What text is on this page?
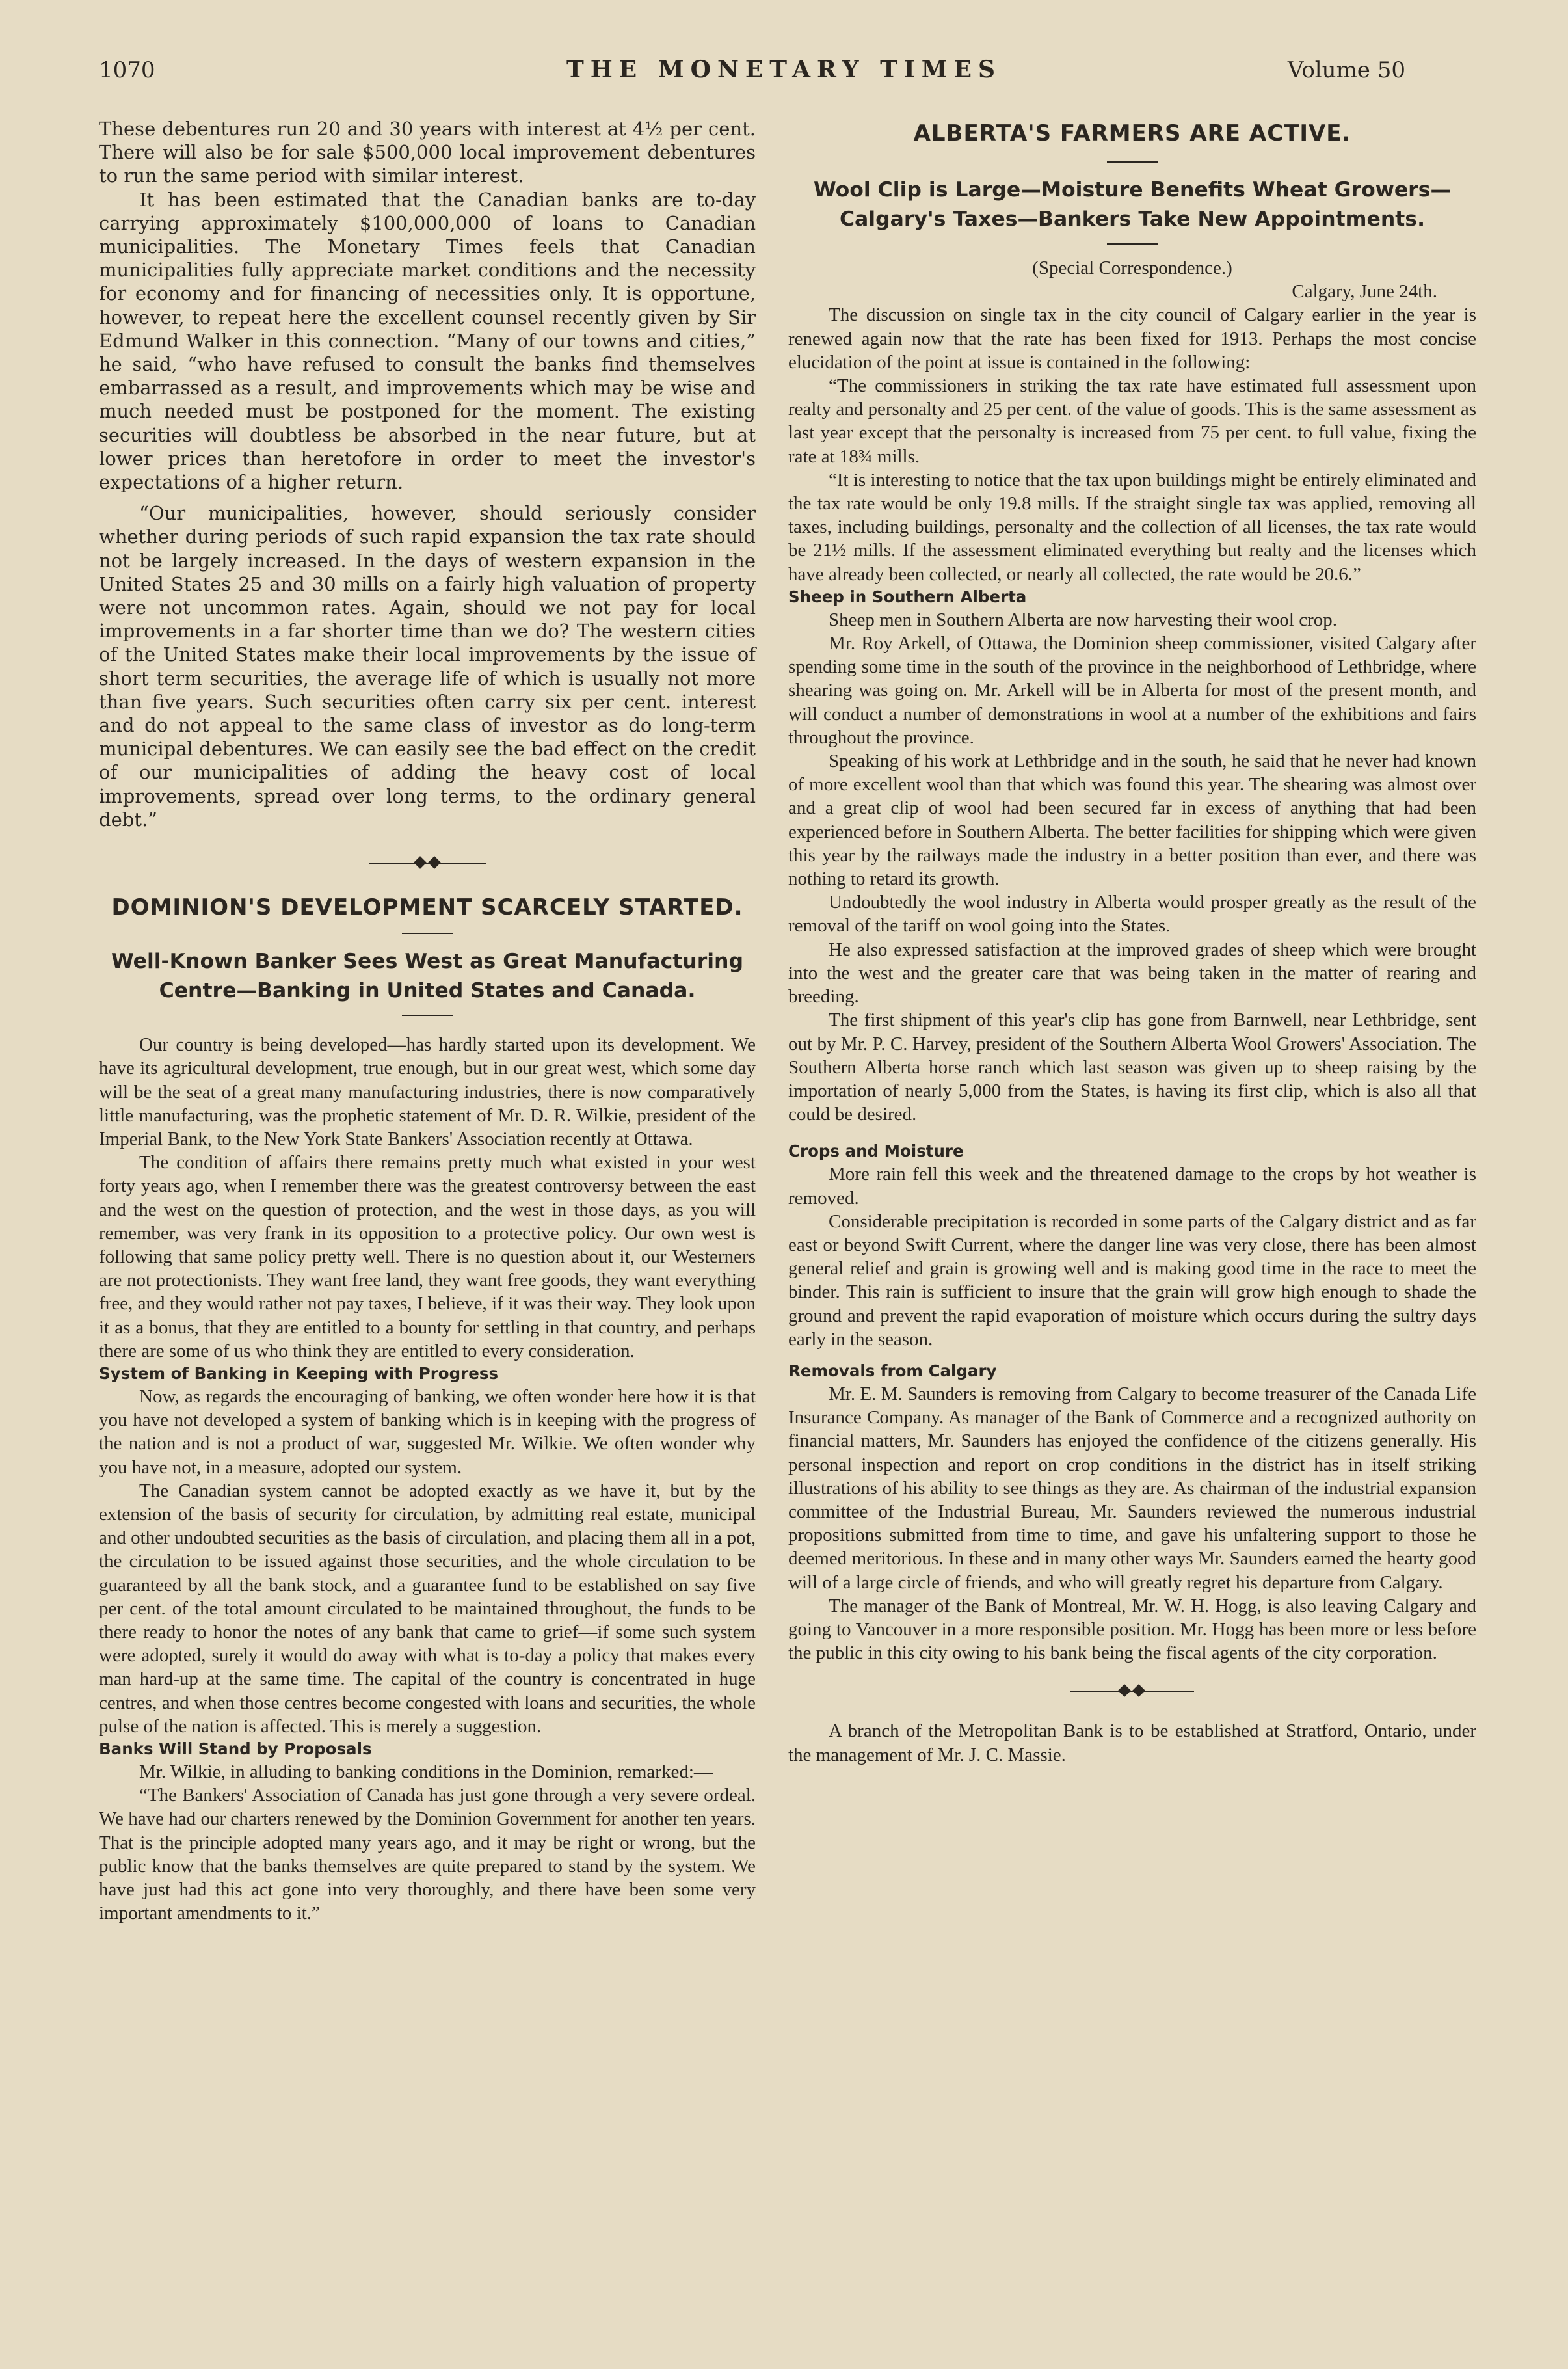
1070	THE MONETARY TIMES	Volume 50

These debentures run 20 and 30 years with interest at 4½ per cent. There will also be for sale $500,000 local improvement debentures to run the same period with similar interest.

It has been estimated that the Canadian banks are to-day carrying approximately $100,000,000 of loans to Canadian municipalities. The Monetary Times feels that Canadian municipalities fully appreciate market conditions and the necessity for economy and for financing of necessities only. It is opportune, however, to repeat here the excellent counsel recently given by Sir Edmund Walker in this connection. “Many of our towns and cities,” he said, “who have refused to consult the banks find themselves embarrassed as a result, and improvements which may be wise and much needed must be postponed for the moment. The existing securities will doubtless be absorbed in the near future, but at lower prices than heretofore in order to meet the investor's expectations of a higher return.

“Our municipalities, however, should seriously consider whether during periods of such rapid expansion the tax rate should not be largely increased. In the days of western expansion in the United States 25 and 30 mills on a fairly high valuation of property were not uncommon rates. Again, should we not pay for local improvements in a far shorter time than we do? The western cities of the United States make their local improvements by the issue of short term securities, the average life of which is usually not more than five years. Such securities often carry six per cent. interest and do not appeal to the same class of investor as do long-term municipal debentures. We can easily see the bad effect on the credit of our municipalities of adding the heavy cost of local improvements, spread over long terms, to the ordinary general debt.”

DOMINION'S DEVELOPMENT SCARCELY STARTED.
Well-Known Banker Sees West as Great Manufacturing Centre—Banking in United States and Canada.

Our country is being developed—has hardly started upon its development. We have its agricultural development, true enough, but in our great west, which some day will be the seat of a great many manufacturing industries, there is now comparatively little manufacturing, was the prophetic statement of Mr. D. R. Wilkie, president of the Imperial Bank, to the New York State Bankers' Association recently at Ottawa.

The condition of affairs there remains pretty much what existed in your west forty years ago, when I remember there was the greatest controversy between the east and the west on the question of protection, and the west in those days, as you will remember, was very frank in its opposition to a protective policy. Our own west is following that same policy pretty well. There is no question about it, our Westerners are not protectionists. They want free land, they want free goods, they want everything free, and they would rather not pay taxes, I believe, if it was their way. They look upon it as a bonus, that they are entitled to a bounty for settling in that country, and perhaps there are some of us who think they are entitled to every consideration.

System of Banking in Keeping with Progress

Now, as regards the encouraging of banking, we often wonder here how it is that you have not developed a system of banking which is in keeping with the progress of the nation and is not a product of war, suggested Mr. Wilkie. We often wonder why you have not, in a measure, adopted our system.

The Canadian system cannot be adopted exactly as we have it, but by the extension of the basis of security for circulation, by admitting real estate, municipal and other undoubted securities as the basis of circulation, and placing them all in a pot, the circulation to be issued against those securities, and the whole circulation to be guaranteed by all the bank stock, and a guarantee fund to be established on say five per cent. of the total amount circulated to be maintained throughout, the funds to be there ready to honor the notes of any bank that came to grief—if some such system were adopted, surely it would do away with what is to-day a policy that makes every man hard-up at the same time. The capital of the country is concentrated in huge centres, and when those centres become congested with loans and securities, the whole pulse of the nation is affected. This is merely a suggestion.

Banks Will Stand by Proposals

Mr. Wilkie, in alluding to banking conditions in the Dominion, remarked:—

“The Bankers' Association of Canada has just gone through a very severe ordeal. We have had our charters renewed by the Dominion Government for another ten years. That is the principle adopted many years ago, and it may be right or wrong, but the public know that the banks themselves are quite prepared to stand by the system. We have just had this act gone into very thoroughly, and there have been some very important amendments to it.”

ALBERTA'S FARMERS ARE ACTIVE.
Wool Clip is Large—Moisture Benefits Wheat Growers—Calgary's Taxes—Bankers Take New Appointments.

(Special Correspondence.)

Calgary, June 24th.

The discussion on single tax in the city council of Calgary earlier in the year is renewed again now that the rate has been fixed for 1913. Perhaps the most concise elucidation of the point at issue is contained in the following:

“The commissioners in striking the tax rate have estimated full assessment upon realty and personalty and 25 per cent. of the value of goods. This is the same assessment as last year except that the personalty is increased from 75 per cent. to full value, fixing the rate at 18¾ mills.

“It is interesting to notice that the tax upon buildings might be entirely eliminated and the tax rate would be only 19.8 mills. If the straight single tax was applied, removing all taxes, including buildings, personalty and the collection of all licenses, the tax rate would be 21½ mills. If the assessment eliminated everything but realty and the licenses which have already been collected, or nearly all collected, the rate would be 20.6.”

Sheep in Southern Alberta

Sheep men in Southern Alberta are now harvesting their wool crop.

Mr. Roy Arkell, of Ottawa, the Dominion sheep commissioner, visited Calgary after spending some time in the south of the province in the neighborhood of Lethbridge, where shearing was going on. Mr. Arkell will be in Alberta for most of the present month, and will conduct a number of demonstrations in wool at a number of the exhibitions and fairs throughout the province.

Speaking of his work at Lethbridge and in the south, he said that he never had known of more excellent wool than that which was found this year. The shearing was almost over and a great clip of wool had been secured far in excess of anything that had been experienced before in Southern Alberta. The better facilities for shipping which were given this year by the railways made the industry in a better position than ever, and there was nothing to retard its growth.

Undoubtedly the wool industry in Alberta would prosper greatly as the result of the removal of the tariff on wool going into the States.

He also expressed satisfaction at the improved grades of sheep which were brought into the west and the greater care that was being taken in the matter of rearing and breeding.

The first shipment of this year's clip has gone from Barnwell, near Lethbridge, sent out by Mr. P. C. Harvey, president of the Southern Alberta Wool Growers' Association. The Southern Alberta horse ranch which last season was given up to sheep raising by the importation of nearly 5,000 from the States, is having its first clip, which is also all that could be desired.

Crops and Moisture

More rain fell this week and the threatened damage to the crops by hot weather is removed.

Considerable precipitation is recorded in some parts of the Calgary district and as far east or beyond Swift Current, where the danger line was very close, there has been almost general relief and grain is growing well and is making good time in the race to meet the binder. This rain is sufficient to insure that the grain will grow high enough to shade the ground and prevent the rapid evaporation of moisture which occurs during the sultry days early in the season.

Removals from Calgary

Mr. E. M. Saunders is removing from Calgary to become treasurer of the Canada Life Insurance Company. As manager of the Bank of Commerce and a recognized authority on financial matters, Mr. Saunders has enjoyed the confidence of the citizens generally. His personal inspection and report on crop conditions in the district has in itself striking illustrations of his ability to see things as they are. As chairman of the industrial expansion committee of the Industrial Bureau, Mr. Saunders reviewed the numerous industrial propositions submitted from time to time, and gave his unfaltering support to those he deemed meritorious. In these and in many other ways Mr. Saunders earned the hearty good will of a large circle of friends, and who will greatly regret his departure from Calgary.

The manager of the Bank of Montreal, Mr. W. H. Hogg, is also leaving Calgary and going to Vancouver in a more responsible position. Mr. Hogg has been more or less before the public in this city owing to his bank being the fiscal agents of the city corporation.

A branch of the Metropolitan Bank is to be established at Stratford, Ontario, under the management of Mr. J. C. Massie.
